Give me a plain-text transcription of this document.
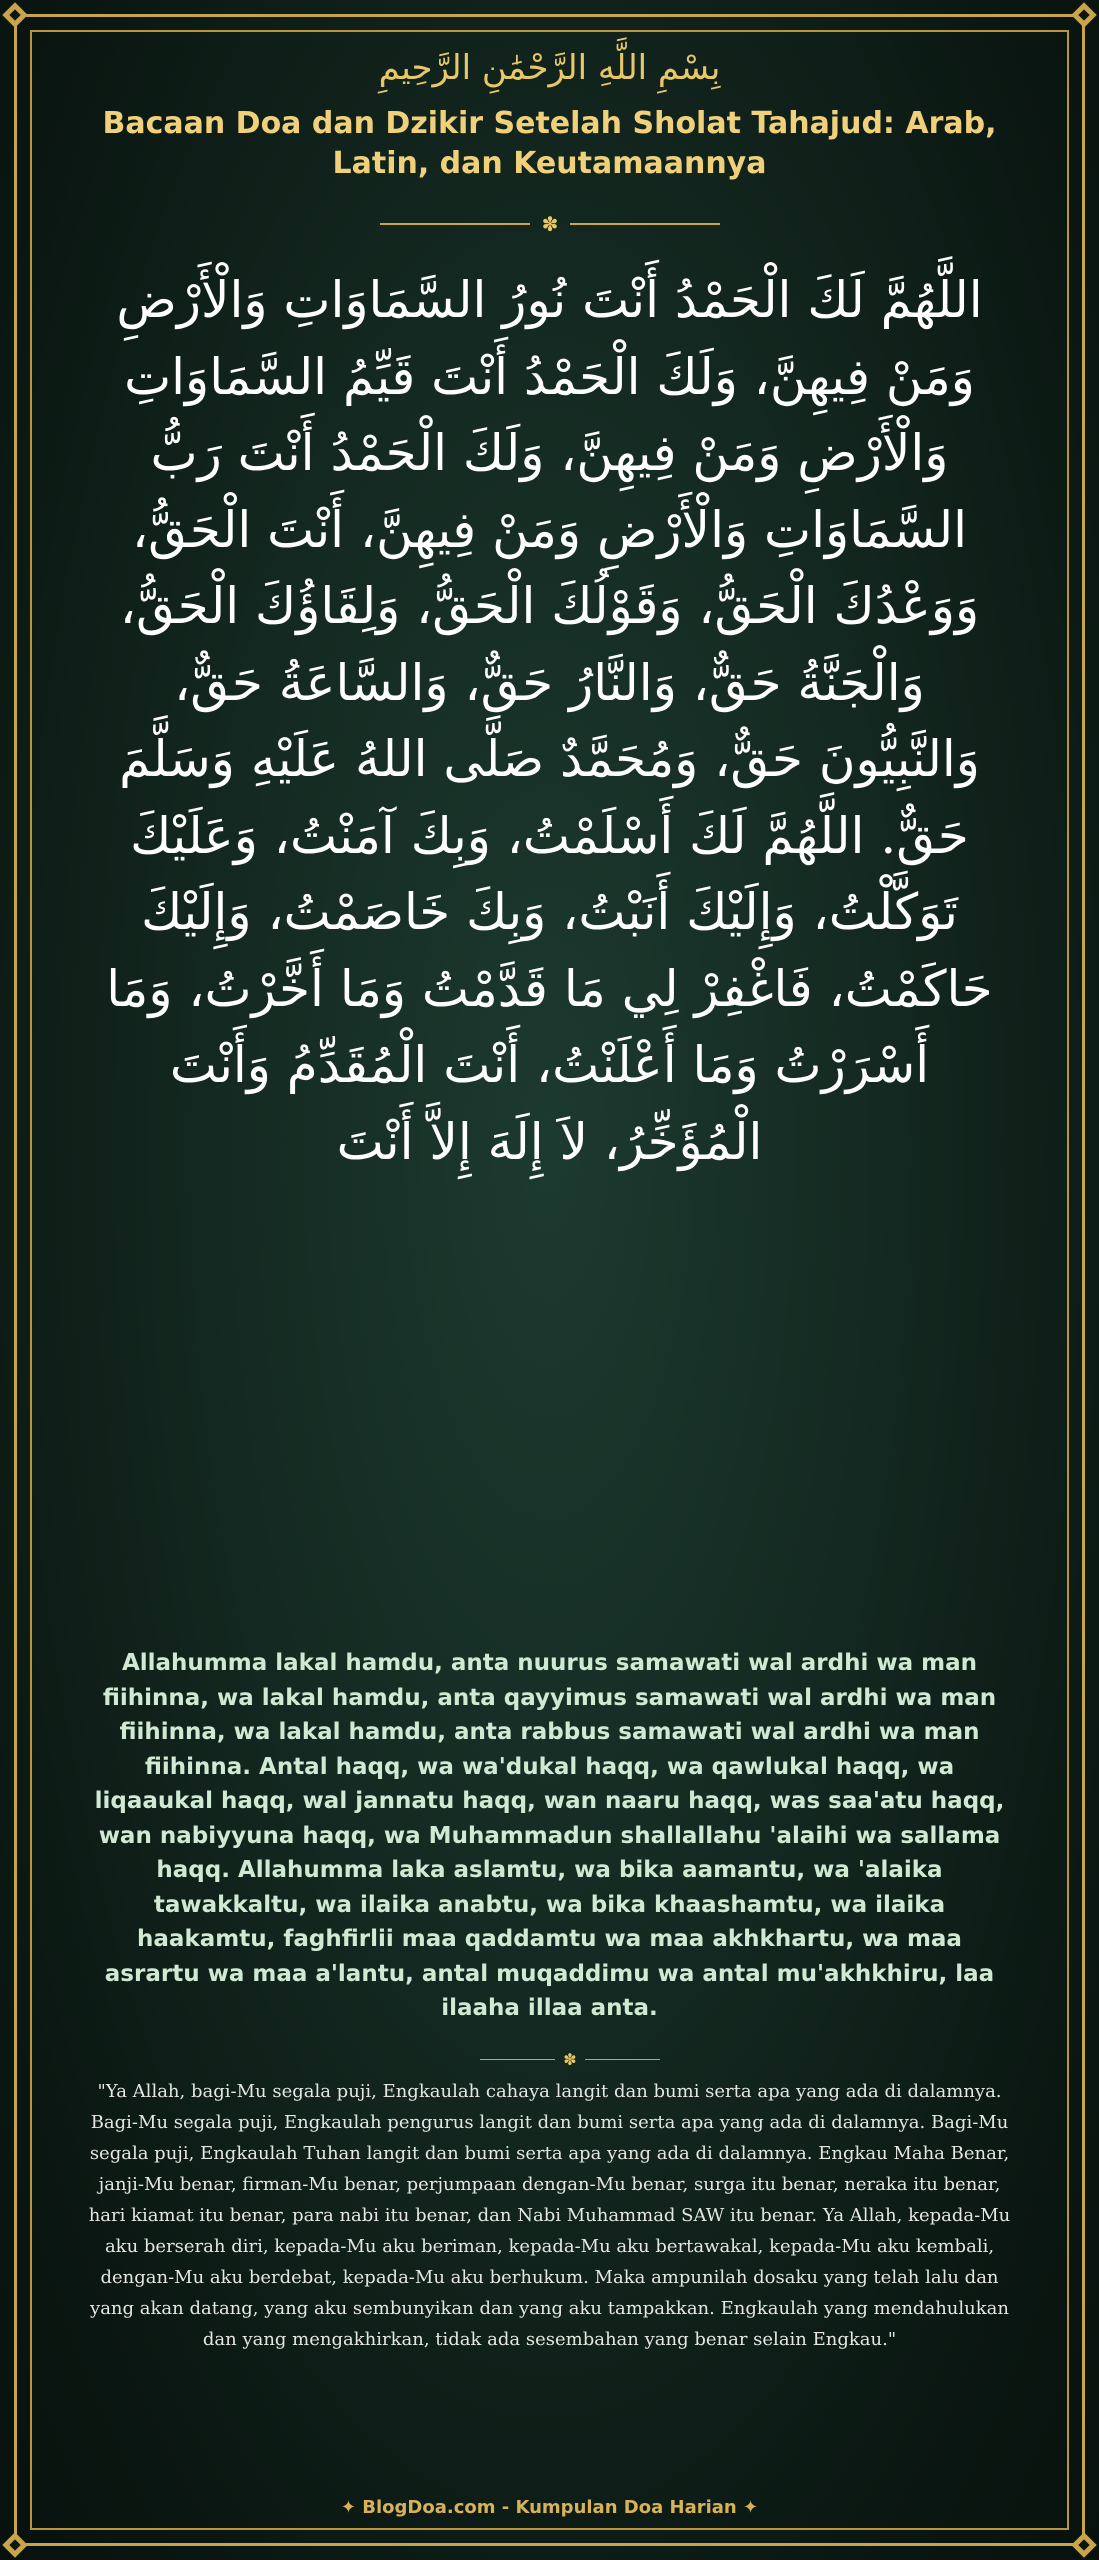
بِسْمِ اللَّهِ الرَّحْمَٰنِ الرَّحِيمِ
Bacaan Doa dan Dzikir Setelah Sholat Tahajud: Arab, Latin, dan Keutamaannya
✽
اللَّهُمَّ لَكَ الْحَمْدُ أَنْتَ نُورُ السَّمَاوَاتِ وَالْأَرْضِ وَمَنْ فِيهِنَّ، وَلَكَ الْحَمْدُ أَنْتَ قَيِّمُ السَّمَاوَاتِ وَالْأَرْضِ وَمَنْ فِيهِنَّ، وَلَكَ الْحَمْدُ أَنْتَ رَبُّ السَّمَاوَاتِ وَالْأَرْضِ وَمَنْ فِيهِنَّ، أَنْتَ الْحَقُّ، وَوَعْدُكَ الْحَقُّ، وَقَوْلُكَ الْحَقُّ، وَلِقَاؤُكَ الْحَقُّ، وَالْجَنَّةُ حَقٌّ، وَالنَّارُ حَقٌّ، وَالسَّاعَةُ حَقٌّ، وَالنَّبِيُّونَ حَقٌّ، وَمُحَمَّدٌ صَلَّى اللهُ عَلَيْهِ وَسَلَّمَ حَقٌّ. اللَّهُمَّ لَكَ أَسْلَمْتُ، وَبِكَ آمَنْتُ، وَعَلَيْكَ تَوَكَّلْتُ، وَإِلَيْكَ أَنَبْتُ، وَبِكَ خَاصَمْتُ، وَإِلَيْكَ حَاكَمْتُ، فَاغْفِرْ لِي مَا قَدَّمْتُ وَمَا أَخَّرْتُ، وَمَا أَسْرَرْتُ وَمَا أَعْلَنْتُ، أَنْتَ الْمُقَدِّمُ وَأَنْتَ الْمُؤَخِّرُ، لاَ إِلَهَ إِلاَّ أَنْتَ
Allahumma lakal hamdu, anta nuurus samawati wal ardhi wa man fiihinna, wa lakal hamdu, anta qayyimus samawati wal ardhi wa man fiihinna, wa lakal hamdu, anta rabbus samawati wal ardhi wa man fiihinna. Antal haqq, wa wa'dukal haqq, wa qawlukal haqq, wa liqaaukal haqq, wal jannatu haqq, wan naaru haqq, was saa'atu haqq, wan nabiyyuna haqq, wa Muhammadun shallallahu 'alaihi wa sallama haqq. Allahumma laka aslamtu, wa bika aamantu, wa 'alaika tawakkaltu, wa ilaika anabtu, wa bika khaashamtu, wa ilaika haakamtu, faghfirlii maa qaddamtu wa maa akhkhartu, wa maa asrartu wa maa a'lantu, antal muqaddimu wa antal mu'akhkhiru, laa ilaaha illaa anta.
✽
"Ya Allah, bagi-Mu segala puji, Engkaulah cahaya langit dan bumi serta apa yang ada di dalamnya. Bagi-Mu segala puji, Engkaulah pengurus langit dan bumi serta apa yang ada di dalamnya. Bagi-Mu segala puji, Engkaulah Tuhan langit dan bumi serta apa yang ada di dalamnya. Engkau Maha Benar, janji-Mu benar, firman-Mu benar, perjumpaan dengan-Mu benar, surga itu benar, neraka itu benar, hari kiamat itu benar, para nabi itu benar, dan Nabi Muhammad SAW itu benar. Ya Allah, kepada-Mu aku berserah diri, kepada-Mu aku beriman, kepada-Mu aku bertawakal, kepada-Mu aku kembali, dengan-Mu aku berdebat, kepada-Mu aku berhukum. Maka ampunilah dosaku yang telah lalu dan yang akan datang, yang aku sembunyikan dan yang aku tampakkan. Engkaulah yang mendahulukan dan yang mengakhirkan, tidak ada sesembahan yang benar selain Engkau."
✦ BlogDoa.com - Kumpulan Doa Harian ✦
